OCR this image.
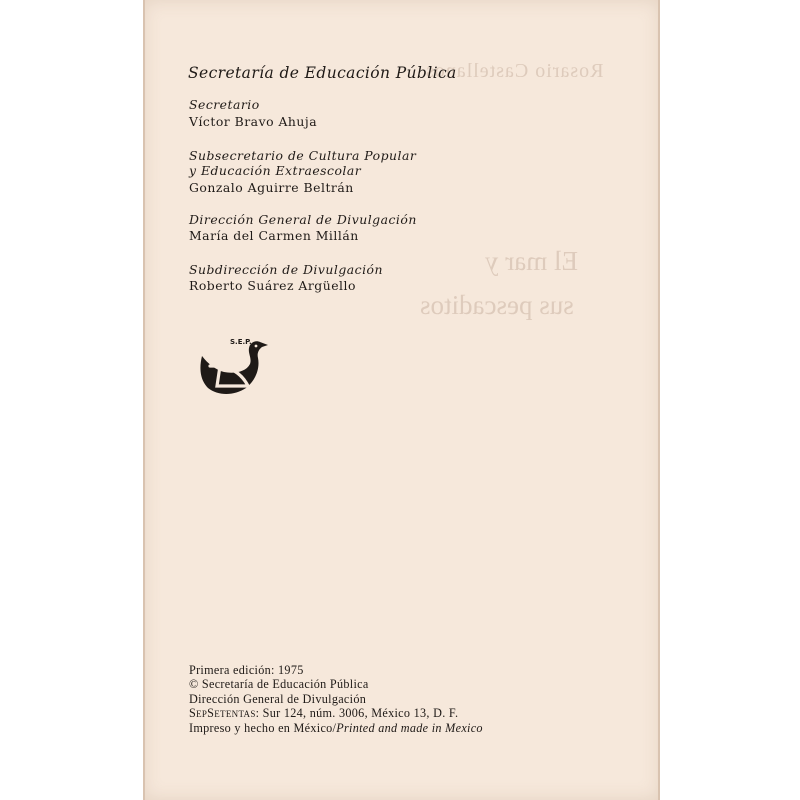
Rosario Castellanos
El mar y
sus pescaditos
Secretaría de Educación Pública
Secretario
Víctor Bravo Ahuja
Subsecretario de Cultura Popular
y Educación Extraescolar
Gonzalo Aguirre Beltrán
Dirección General de Divulgación
María del Carmen Millán
Subdirección de Divulgación
Roberto Suárez Argüello
S.E.P.
Primera edición: 1975
© Secretaría de Educación Pública
Dirección General de Divulgación
SepSetentas: Sur 124, núm. 3006, México 13, D. F.
Impreso y hecho en México/Printed and made in Mexico
